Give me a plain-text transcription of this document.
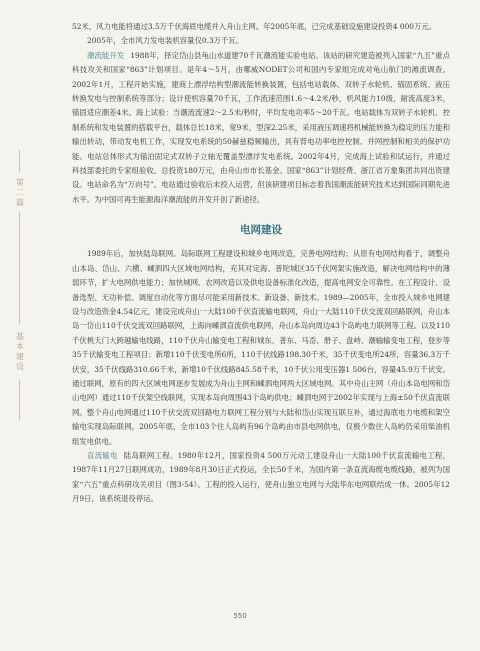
第二篇
基本建设

52米，风力电能将通过3.5万千伏海底电缆并入舟山主网。年2005年底，已完成基础设施建设投资4 000万元。

2005年，全市风力发电装机容量仅0.3万千瓦。

潮流能开发 1988年，择定岱山县龟山水道建70千瓦潮流能实验电站。该站的研究建造被列入国家“九五”重点科技攻关和国家“863”计划项目。是年4～5月，由哪威NODET公司和国内专家组完成对龟山航门的滩流调查。2002年1月，工程开始实施，建商上漂浮结构型潮流能转换装置，包括电站载体、双转子水轮机、锚固系统、液压转换发电与控制系统等部分；设计使机容量70千瓦，工作流速范围1.6～4.2米/秒，机风能力10级，耐流高度3米，锚固适应潮差4米。海上试验：当潮流流速2～2.5米/秒时，平均发电功率5～20千瓦。电站载体为双转子水轮机、控制系统和发电装置的搭载平台，载体总长18米，宽9米，型深2.25米，采用液压调速将机械能转换为稳定的压力能和输出转动，带动发电机工作，实现发电系统的50赫兹稳频输出，具有背电功率电控控制、并网控制和相关的保护功能。电站总体形式为锚泊固定式双转子立轴无覆盖型漂浮发电系统。2002年4月，完成海上试验和试运行，并通过科技部委托的专家组验收。总投资180万元，由舟山市市长基金、国家“863”计划经费、浙江省万象集团共同出资建设。电站命名为“万向号”。电站通过验收后未投入运营，但该研建项目标志着我国潮流能研究技术达到国际同期先进水平。为中国可再生能源海洋潮流能的开发开创了新途径。

电网建设

1989年后，加快陆岛联网。岛际联网工程建设和城乡电网改造，完善电网结构；从原有电网结构看于，调整舟山本岛、岱山、六横、嵊泗四大区域电网结构，充其对定海、普陀城区35千伏网架实施改造，解决电网结构中的薄弱环节，扩大电网供电能力；加快城网、农网改造以及供电设备标准化改造，提高电网安全可靠性。在工程设计、设备选型、无功补偿、调度自动化等方面尽可能采用新技术、新设备、新技术。1989—2005年，全市投入城乡电网建设与改造资金4.54亿元，建设完成舟山一大陆100千伏直流输电联网，舟山一大陆110千伏交流双回路联网，舟山本岛一岱山110千伏交流双回路联网，上海向嵊泗直流供电联网，舟山本岛向周边43个岛屿电力联网等工程。以及110千伏桃夭门大跨越输电线路，110千伏舟山输变电工程和城东、普东、马岙、册子、盘峙、潮输输变电工程，登步等35千伏输变电工程项目；新增110千伏变电所6所，110千伏线路198.30千米，35千伏变电所24所，容量36.3万千伏安，35千伏线路310.66千米，新增10千伏线路845.58千米，10千伏公用变压器1 506台，容量45.9万千伏安。通过联网，原有的四大区域电网逐步发展成为舟山主网和嵊泗电网两大区域电网。其中舟山主网（舟山本岛电网和岱山电网）通过110千伏架空线联网，实现本岛向周围43个岛屿供电；嵊泗电网于2002年实现与上海±50千伏直流联网。整个舟山电网通过110千伏交流双回路电力联网工程分别与大陆和岱山实现互联互补，通过海底电力电缆和架空输电实现岛际联网。2005年底，全市103个住人岛屿有96个岛屿由市县电网供电，仅极少数住人岛屿仍采用柴油机组发电供电。

直流输电 陆岛联网工程。1980年12月，国家投资4 500万元动工建设舟山一大陆100千伏直流输电工程，1987年11月27日联网成功，1989年8月30日正式投运，全长50千米，为国内第一条直流海缆电缆线路，被列为国家“六五”重点科研攻关项目（图3-54）。工程的投入运行，使舟山独立电网与大陆华东电网联结成一体。2005年12月9日，该系统退役停运。

550
